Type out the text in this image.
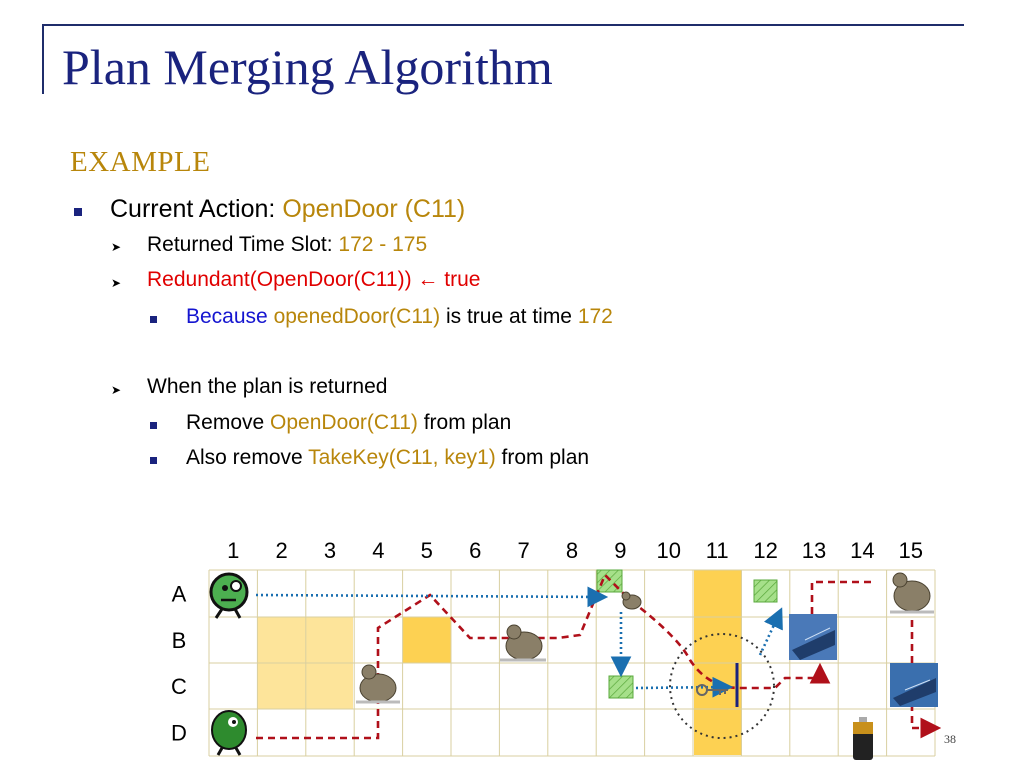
Plan Merging Algorithm
EXAMPLE
Current Action: OpenDoor (C11)
➤ Returned Time Slot: 172 - 175
➤ Redundant(OpenDoor(C11)) ← true
Because openedDoor(C11) is true at time 172
➤ When the plan is returned
Remove OpenDoor(C11) from plan
Also remove TakeKey(C11, key1) from plan
1 2 3 4 5 6 7 8 9 10 11 12 13 14 15
A
B
C
D	38
